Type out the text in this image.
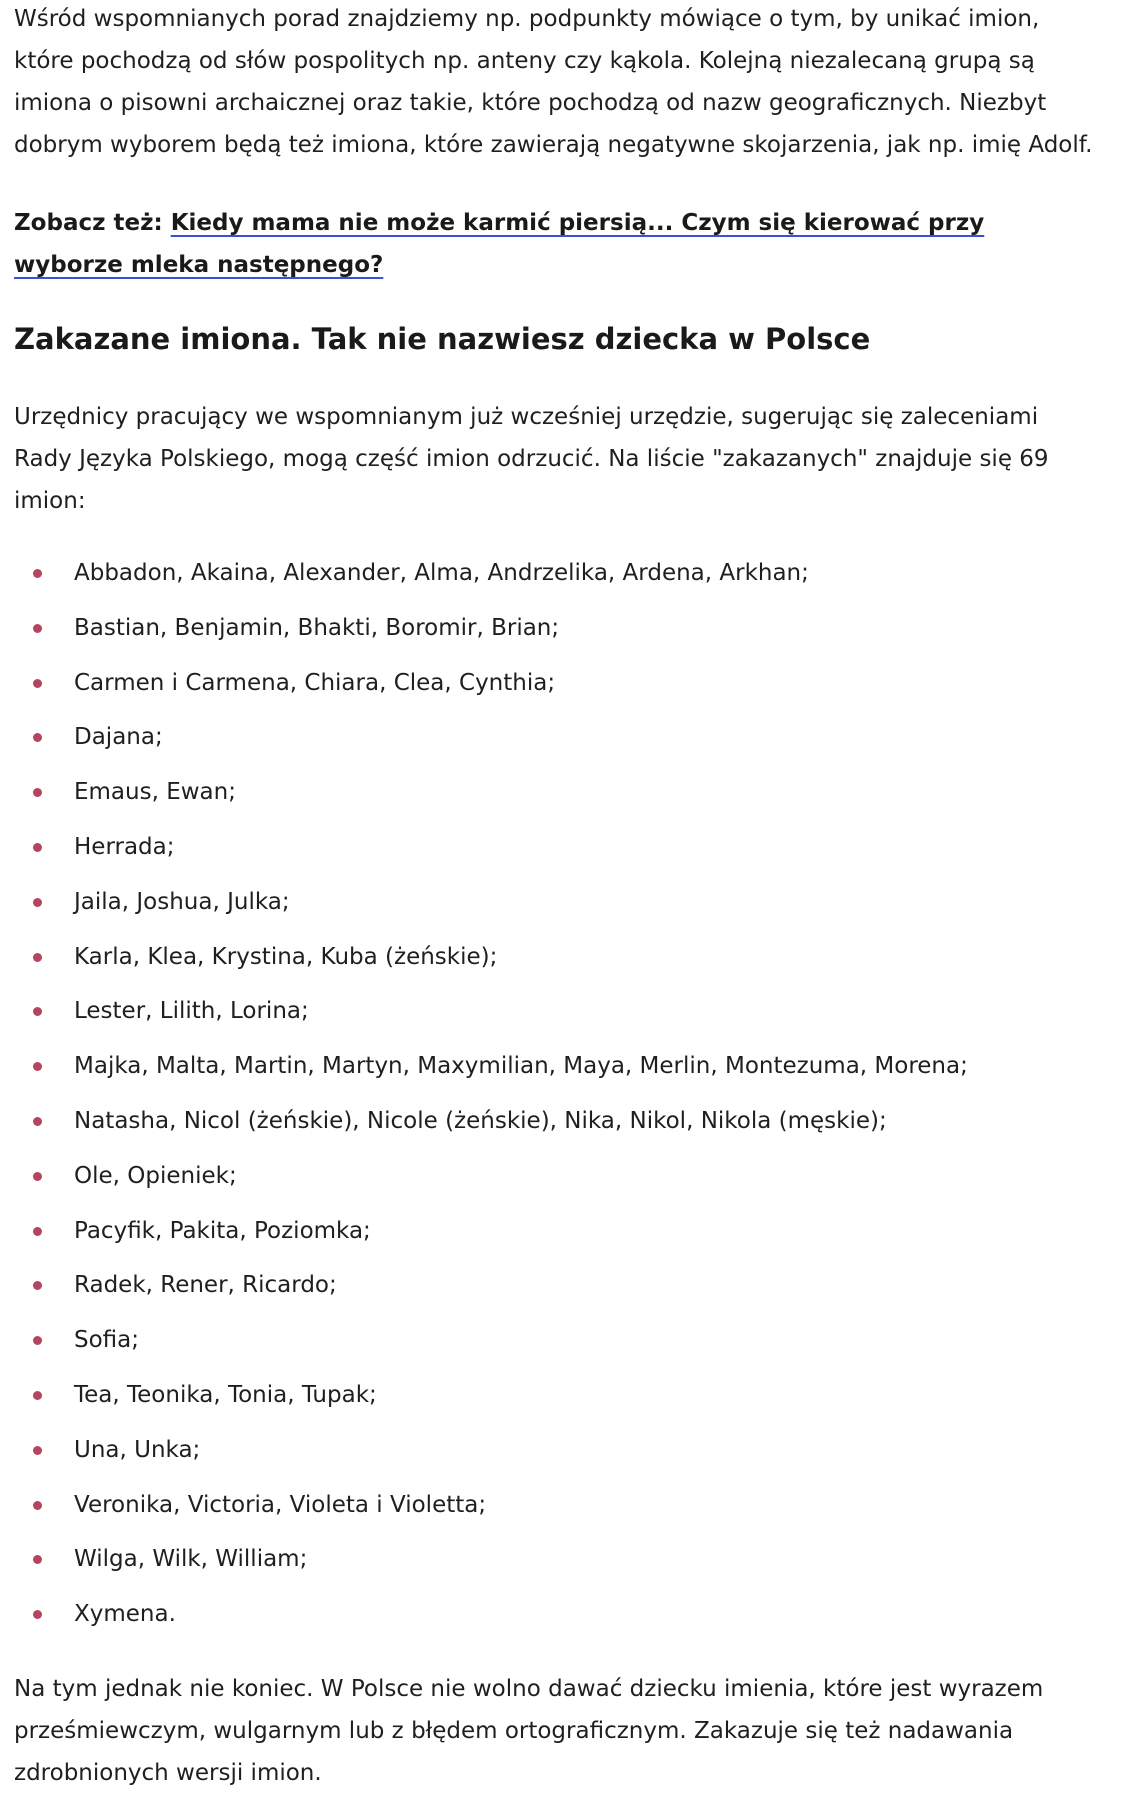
Wśród wspomnianych porad znajdziemy np. podpunkty mówiące o tym, by unikać imion, które pochodzą od słów pospolitych np. anteny czy kąkola. Kolejną niezalecaną grupą są imiona o pisowni archaicznej oraz takie, które pochodzą od nazw geograficznych. Niezbyt dobrym wyborem będą też imiona, które zawierają negatywne skojarzenia, jak np. imię Adolf.

Zobacz też: Kiedy mama nie może karmić piersią... Czym się kierować przy wyborze mleka następnego?

Zakazane imiona. Tak nie nazwiesz dziecka w Polsce

Urzędnicy pracujący we wspomnianym już wcześniej urzędzie, sugerując się zaleceniami Rady Języka Polskiego, mogą część imion odrzucić. Na liście "zakazanych" znajduje się 69 imion:

Abbadon, Akaina, Alexander, Alma, Andrzelika, Ardena, Arkhan;
Bastian, Benjamin, Bhakti, Boromir, Brian;
Carmen i Carmena, Chiara, Clea, Cynthia;
Dajana;
Emaus, Ewan;
Herrada;
Jaila, Joshua, Julka;
Karla, Klea, Krystina, Kuba (żeńskie);
Lester, Lilith, Lorina;
Majka, Malta, Martin, Martyn, Maxymilian, Maya, Merlin, Montezuma, Morena;
Natasha, Nicol (żeńskie), Nicole (żeńskie), Nika, Nikol, Nikola (męskie);
Ole, Opieniek;
Pacyfik, Pakita, Poziomka;
Radek, Rener, Ricardo;
Sofia;
Tea, Teonika, Tonia, Tupak;
Una, Unka;
Veronika, Victoria, Violeta i Violetta;
Wilga, Wilk, William;
Xymena.

Na tym jednak nie koniec. W Polsce nie wolno dawać dziecku imienia, które jest wyrazem prześmiewczym, wulgarnym lub z błędem ortograficznym. Zakazuje się też nadawania zdrobnionych wersji imion.
